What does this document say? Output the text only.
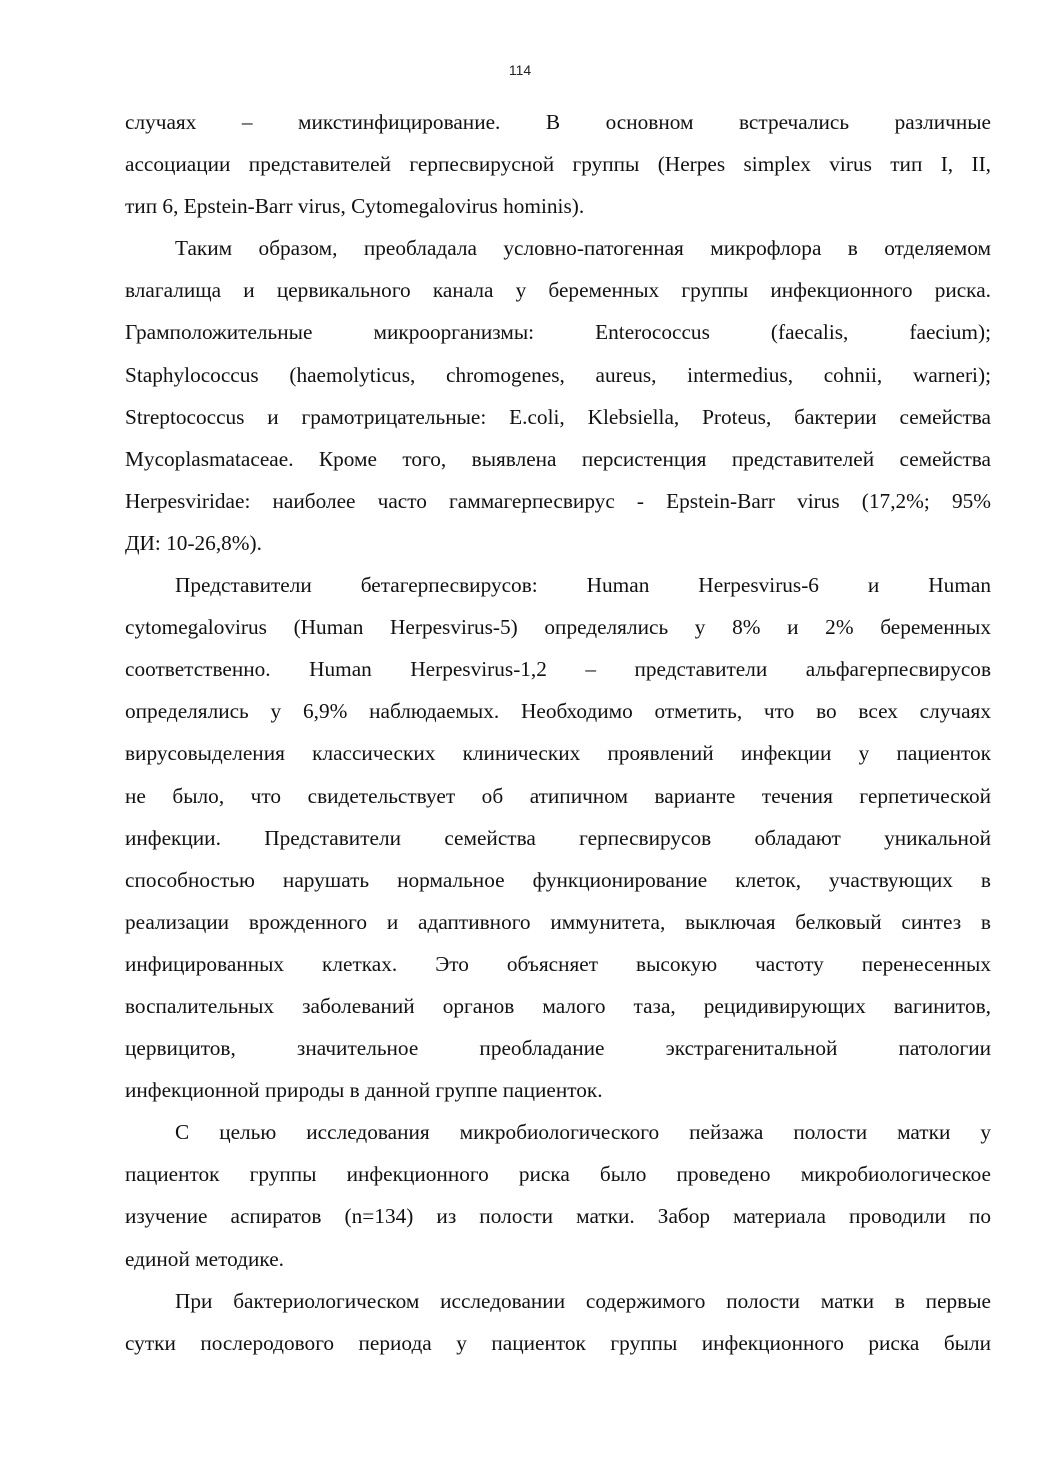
114
случаях – микстинфицирование. В основном встречались различные
ассоциации представителей герпесвирусной группы (Herpes simplex virus тип I, II,
тип 6, Epstein-Barr virus, Cytomegalovirus hominis).
Таким образом, преобладала условно-патогенная микрофлора в отделяемом
влагалища и цервикального канала у беременных группы инфекционного риска.
Грамположительные микроорганизмы: Enterococcus (faecalis, faecium);
Staphylococcus (haemolyticus, chromogenes, aureus, intermedius, cohnii, warneri);
Streptococcus и грамотрицательные: E.coli, Klebsiella, Proteus, бактерии семейства
Mycoplasmataceae. Кроме того, выявлена персистенция представителей семейства
Herpesviridae: наиболее часто гаммагерпесвирус - Epstein-Barr virus (17,2%; 95%
ДИ: 10-26,8%).
Представители бетагерпесвирусов: Human Herpesvirus-6 и Human
cytomegalovirus (Human Herpesvirus-5) определялись у 8% и 2% беременных
соответственно. Human Herpesvirus-1,2 – представители альфагерпесвирусов
определялись у 6,9% наблюдаемых. Необходимо отметить, что во всех случаях
вирусовыделения классических клинических проявлений инфекции у пациенток
не было, что свидетельствует об атипичном варианте течения герпетической
инфекции. Представители семейства герпесвирусов обладают уникальной
способностью нарушать нормальное функционирование клеток, участвующих в
реализации врожденного и адаптивного иммунитета, выключая белковый синтез в
инфицированных клетках. Это объясняет высокую частоту перенесенных
воспалительных заболеваний органов малого таза, рецидивирующих вагинитов,
цервицитов, значительное преобладание экстрагенитальной патологии
инфекционной природы в данной группе пациенток.
С целью исследования микробиологического пейзажа полости матки у
пациенток группы инфекционного риска было проведено микробиологическое
изучение аспиратов (n=134) из полости матки. Забор материала проводили по
единой методике.
При бактериологическом исследовании содержимого полости матки в первые
сутки послеродового периода у пациенток группы инфекционного риска были
